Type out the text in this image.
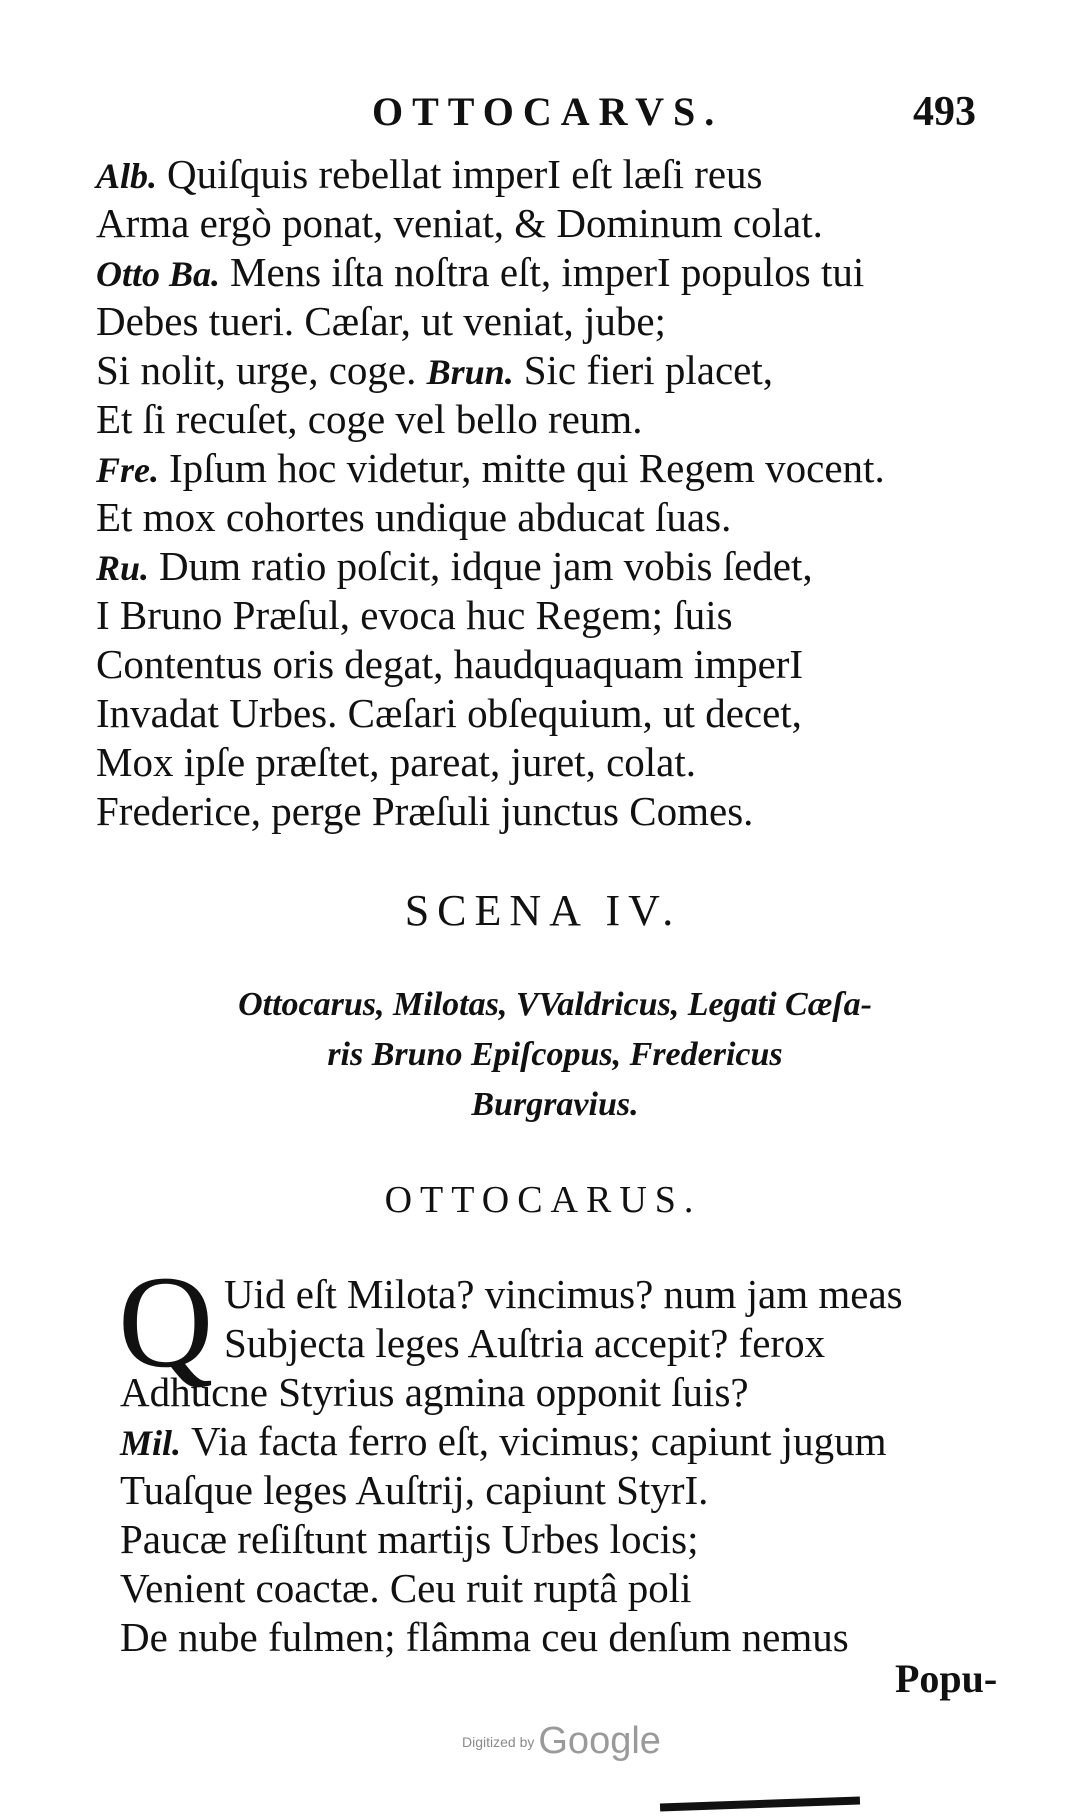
OTTOCARVS.	493
Alb. Quiſquis rebellat imperI eſt læſi reus
Arma ergò ponat, veniat, & Dominum colat.
Otto Ba. Mens iſta noſtra eſt, imperI populos tui
Debes tueri. Cæſar, ut veniat, jube;
Si nolit, urge, coge. Brun. Sic fieri placet,
Et ſi recuſet, coge vel bello reum.
Fre. Ipſum hoc videtur, mitte qui Regem vocent.
Et mox cohortes undique abducat ſuas.
Ru. Dum ratio poſcit, idque jam vobis ſedet,
I Bruno Præſul, evoca huc Regem; ſuis
Contentus oris degat, haudquaquam imperI
Invadat Urbes. Cæſari obſequium, ut decet,
Mox ipſe præſtet, pareat, juret, colat.
Frederice, perge Præſuli junctus Comes.
SCENA IV.
Ottocarus, Milotas, VValdricus, Legati Cæſa-
ris Bruno Epiſcopus, Fredericus
Burgravius.
OTTOCARUS.
Q Uid eſt Milota? vincimus? num jam meas
Subjecta leges Auſtria accepit? ferox
Adhucne Styrius agmina opponit ſuis?
Mil. Via facta ferro eſt, vicimus; capiunt jugum
Tuaſque leges Auſtrij, capiunt StyrI.
Paucæ reſiſtunt martijs Urbes locis;
Venient coactæ. Ceu ruit ruptâ poli
De nube fulmen; flâmma ceu denſum nemus
Popu-
Digitized by Google
